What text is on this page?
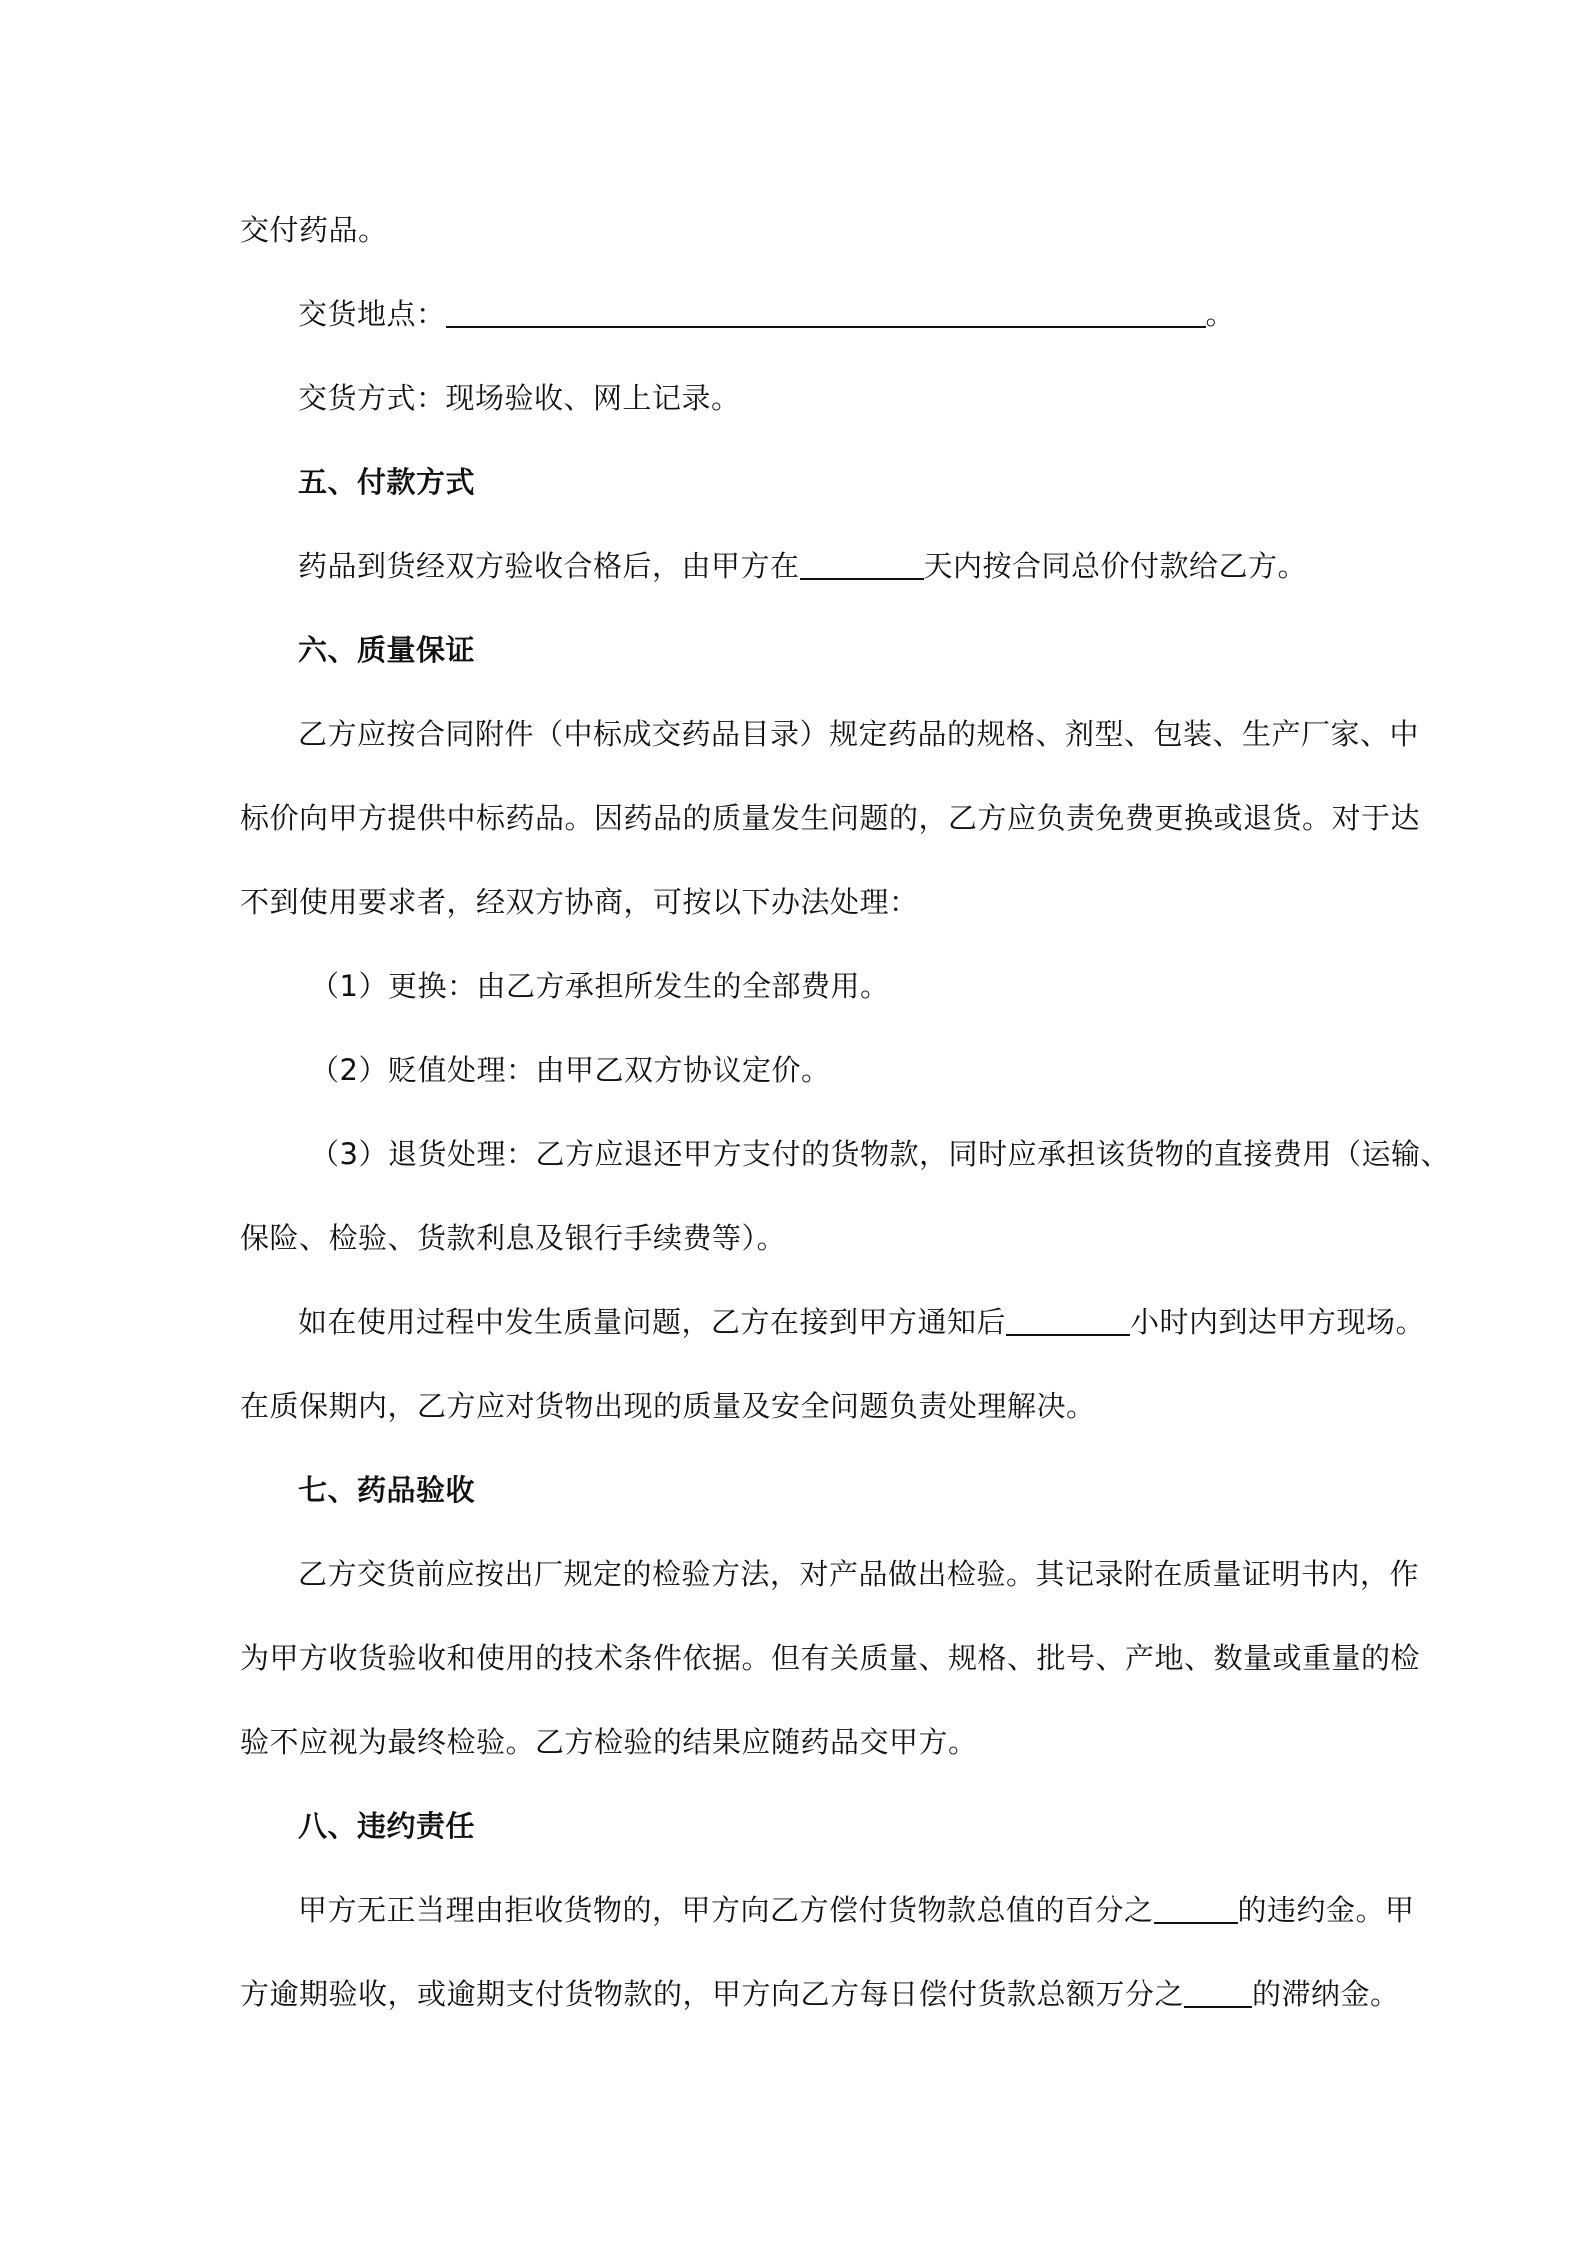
交付药品。
交货地点：	。
交货方式：现场验收、网上记录。
五、付款方式
药品到货经双方验收合格后，由甲方在	天内按合同总价付款给乙方。
六、质量保证
乙方应按合同附件（中标成交药品目录）规定药品的规格、剂型、包装、生产厂家、中
标价向甲方提供中标药品。因药品的质量发生问题的，乙方应负责免费更换或退货。对于达
不到使用要求者，经双方协商，可按以下办法处理：
（1）更换：由乙方承担所发生的全部费用。
（2）贬值处理：由甲乙双方协议定价。
（3）退货处理：乙方应退还甲方支付的货物款，同时应承担该货物的直接费用（运输、
保险、检验、货款利息及银行手续费等）。
如在使用过程中发生质量问题，乙方在接到甲方通知后	小时内到达甲方现场。
在质保期内，乙方应对货物出现的质量及安全问题负责处理解决。
七、药品验收
乙方交货前应按出厂规定的检验方法，对产品做出检验。其记录附在质量证明书内，作
为甲方收货验收和使用的技术条件依据。但有关质量、规格、批号、产地、数量或重量的检
验不应视为最终检验。乙方检验的结果应随药品交甲方。
八、违约责任
甲方无正当理由拒收货物的，甲方向乙方偿付货物款总值的百分之	的违约金。甲
方逾期验收，或逾期支付货物款的，甲方向乙方每日偿付货款总额万分之 的滞纳金。
